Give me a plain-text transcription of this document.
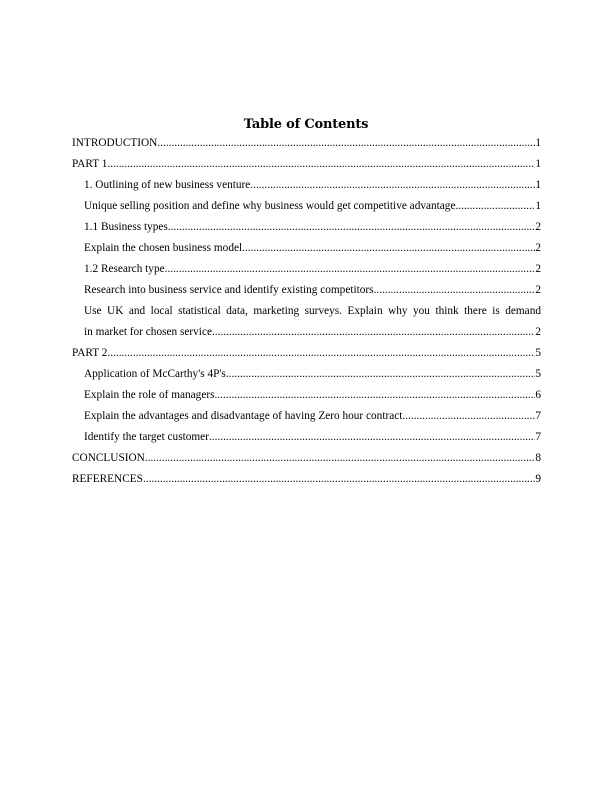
Table of Contents
INTRODUCTION .....	1
PART 1 .....	1
1. Outlining of new business venture .....	1
Unique selling position and define why business would get competitive advantage .....	1
1.1 Business types .....	2
Explain the chosen business model .....	2
1.2 Research type .....	2
Research into business service and identify existing competitors .....	2
Use UK and local statistical data, marketing surveys. Explain why you think there is demand
in market for chosen service .....	2
PART 2 .....	5
Application of McCarthy's 4P's .....	5
Explain the role of managers .....	6
Explain the advantages and disadvantage of having Zero hour contract .....	7
Identify the target customer .....	7
CONCLUSION .....	8
REFERENCES .....	9
